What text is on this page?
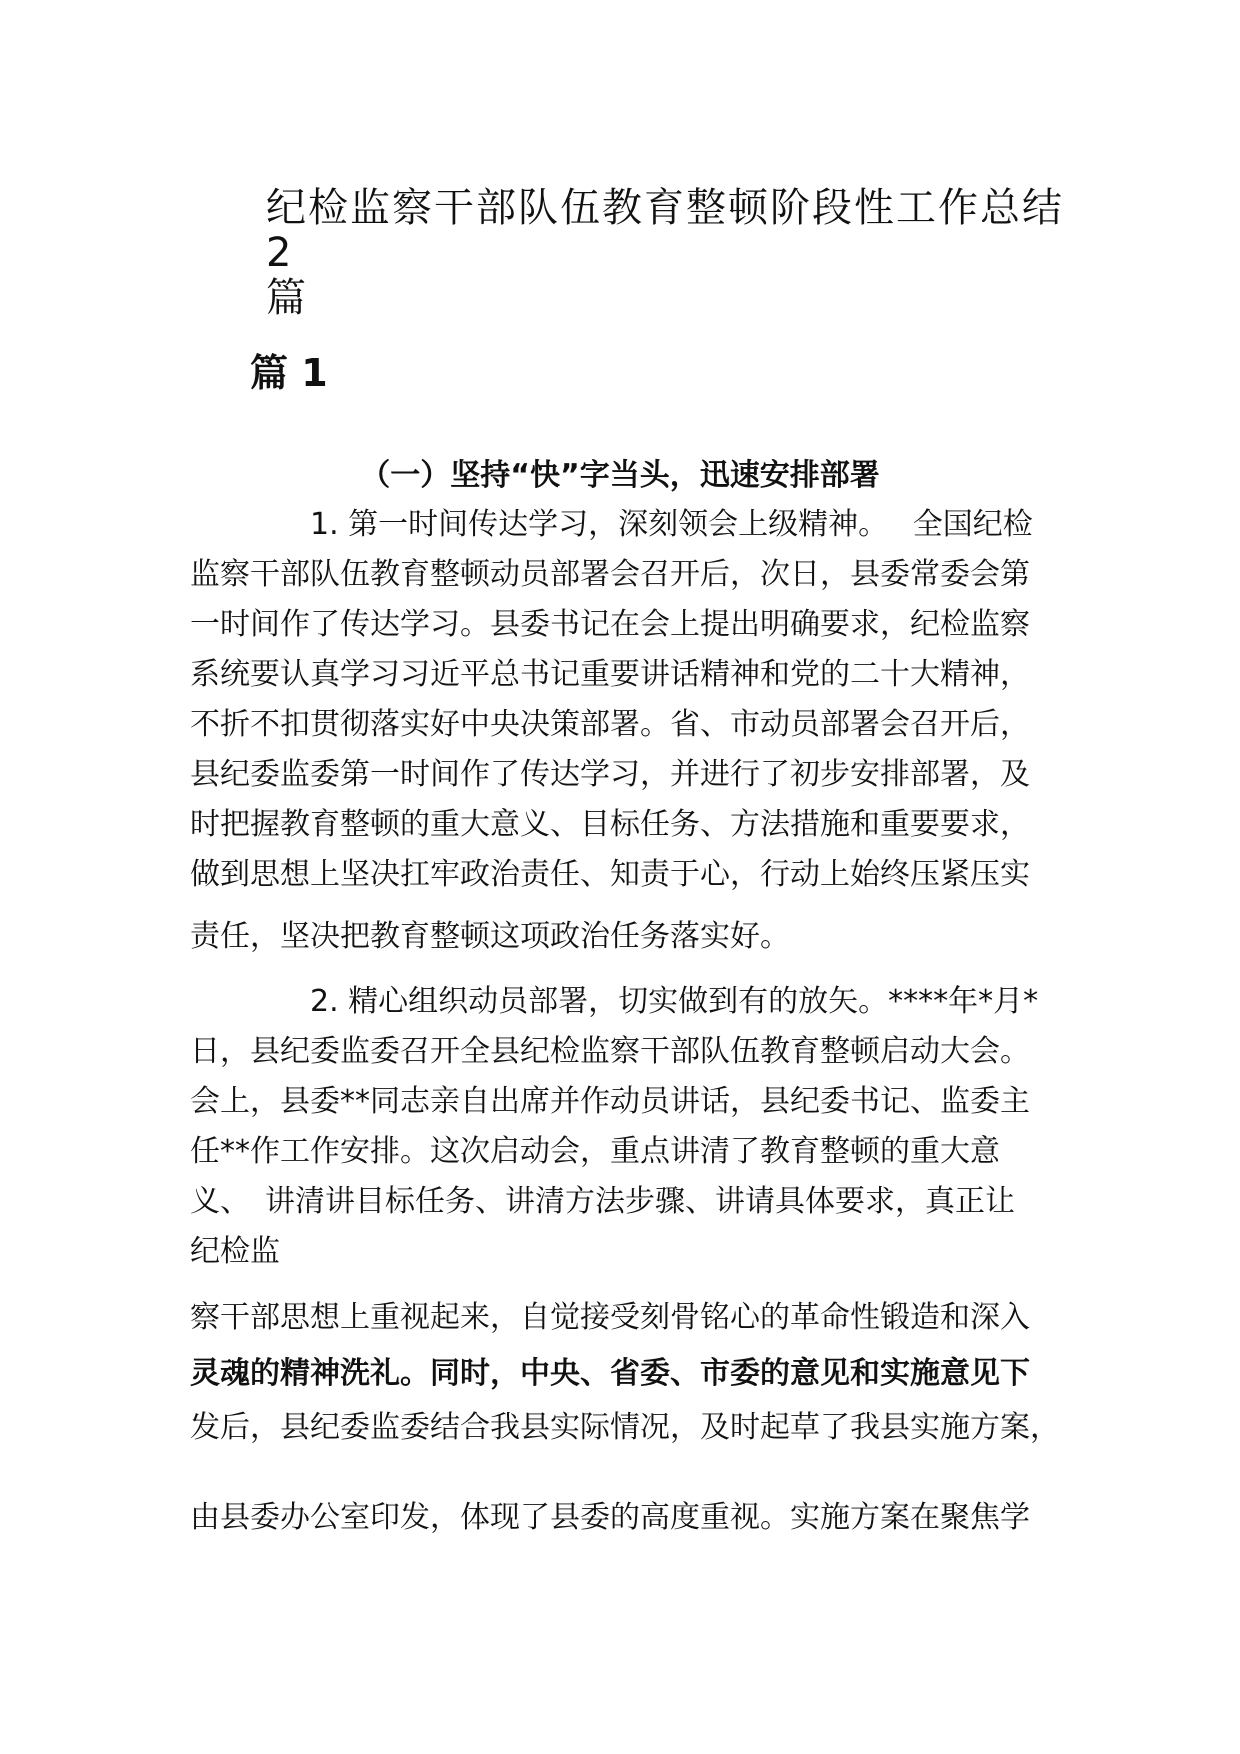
纪检监察干部队伍教育整顿阶段性工作总结 2
篇
篇 1
（一）坚持“快”字当头，迅速安排部署

　　　　1. 第一时间传达学习，深刻领会上级精神。　 全国纪检

监察干部队伍教育整顿动员部署会召开后，次日，县委常委会第

一时间作了传达学习。县委书记在会上提出明确要求，纪检监察

系统要认真学习习近平总书记重要讲话精神和党的二十大精神，

不折不扣贯彻落实好中央决策部署。省、市动员部署会召开后，

县纪委监委第一时间作了传达学习，并进行了初步安排部署，及

时把握教育整顿的重大意义、目标任务、方法措施和重要要求，

做到思想上坚决扛牢政治责任、知责于心，行动上始终压紧压实

责任，坚决把教育整顿这项政治任务落实好。

　　　　2. 精心组织动员部署，切实做到有的放矢。****年*月*

日，县纪委监委召开全县纪检监察干部队伍教育整顿启动大会。

会上，县委**同志亲自出席并作动员讲话，县纪委书记、监委主

任**作工作安排。这次启动会，重点讲清了教育整顿的重大意

义、　讲清讲目标任务、讲清方法步骤、讲请具体要求，真正让

纪检监

察干部思想上重视起来，自觉接受刻骨铭心的革命性锻造和深入

灵魂的精神洗礼。同时，中央、省委、市委的意见和实施意见下

发后，县纪委监委结合我县实际情况，及时起草了我县实施方案，

由县委办公室印发，体现了县委的高度重视。实施方案在聚焦学
